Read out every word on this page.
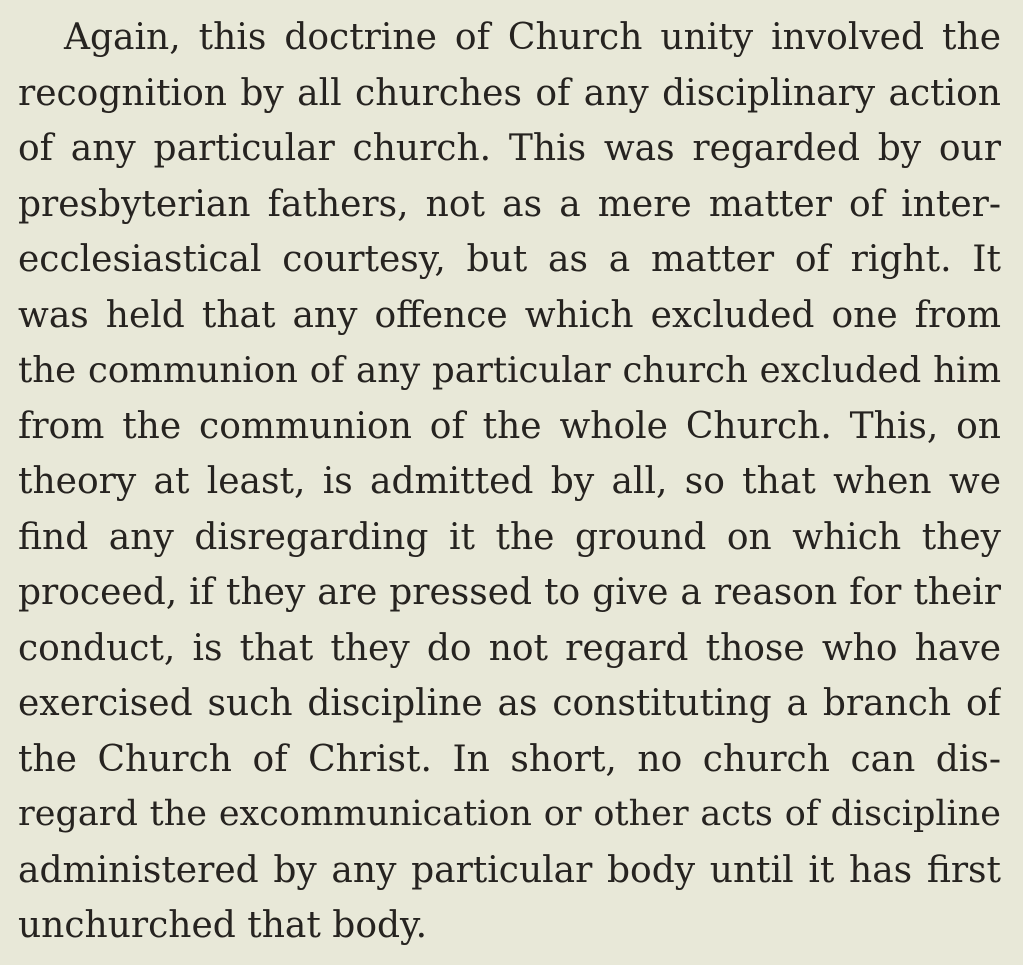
Again, this doctrine of Church unity involved the
recognition by all churches of any disciplinary action
of any particular church. This was regarded by our
presbyterian fathers, not as a mere matter of inter-
ecclesiastical courtesy, but as a matter of right. It
was held that any offence which excluded one from
the communion of any particular church excluded him
from the communion of the whole Church. This, on
theory at least, is admitted by all, so that when we
find any disregarding it the ground on which they
proceed, if they are pressed to give a reason for their
conduct, is that they do not regard those who have
exercised such discipline as constituting a branch of
the Church of Christ. In short, no church can dis-
regard the excommunication or other acts of discipline
administered by any particular body until it has first
unchurched that body.
